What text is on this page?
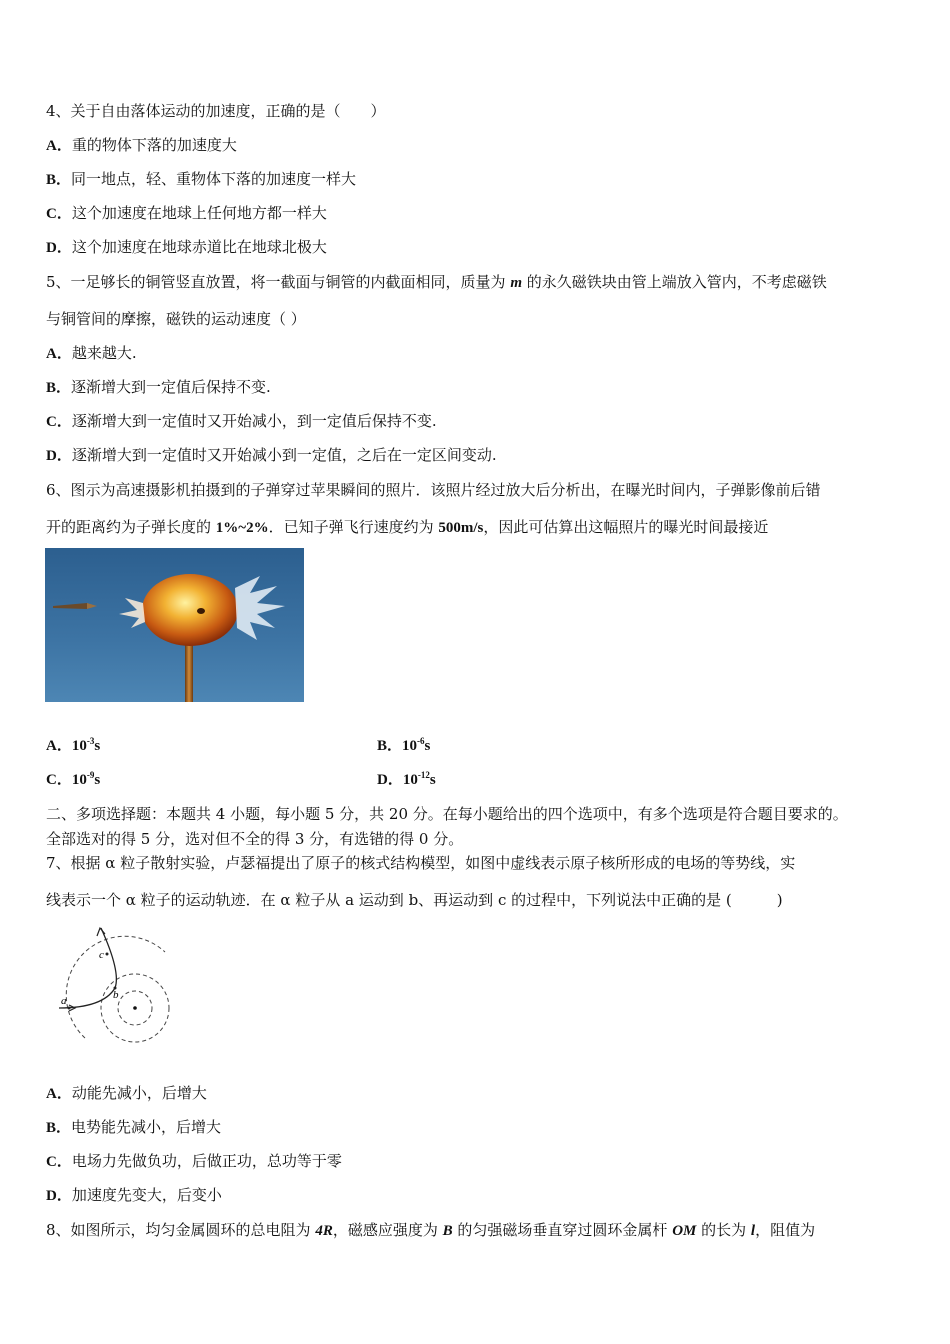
4、关于自由落体运动的加速度，正确的是（　　）
A．重的物体下落的加速度大
B．同一地点，轻、重物体下落的加速度一样大
C．这个加速度在地球上任何地方都一样大
D．这个加速度在地球赤道比在地球北极大
5、一足够长的铜管竖直放置，将一截面与铜管的内截面相同，质量为 m 的永久磁铁块由管上端放入管内，不考虑磁铁
与铜管间的摩擦，磁铁的运动速度（ ）
A．越来越大.
B．逐渐增大到一定值后保持不变.
C．逐渐增大到一定值时又开始减小，到一定值后保持不变.
D．逐渐增大到一定值时又开始减小到一定值，之后在一定区间变动.
6、图示为高速摄影机拍摄到的子弹穿过苹果瞬间的照片．该照片经过放大后分析出，在曝光时间内，子弹影像前后错
开的距离约为子弹长度的 1%~2%．已知子弹飞行速度约为 500m/s，因此可估算出这幅照片的曝光时间最接近
A．$10^{-3}s$	B．$10^{-6}s$
C．$10^{-9}s$	D．$10^{-12}s$
二、多项选择题：本题共 4 小题，每小题 5 分，共 20 分。在每小题给出的四个选项中，有多个选项是符合题目要求的。
全部选对的得 5 分，选对但不全的得 3 分，有选错的得 0 分。
7、根据 α 粒子散射实验，卢瑟福提出了原子的核式结构模型，如图中虚线表示原子核所形成的电场的等势线，实
线表示一个 α 粒子的运动轨迹．在 α 粒子从 a 运动到 b、再运动到 c 的过程中，下列说法中正确的是 (　　　)
a	b
c
A．动能先减小，后增大
B．电势能先减小，后增大
C．电场力先做负功，后做正功，总功等于零
D．加速度先变大，后变小
8、如图所示，均匀金属圆环的总电阻为 4R，磁感应强度为 B 的匀强磁场垂直穿过圆环金属杆 OM 的长为 l，阻值为
